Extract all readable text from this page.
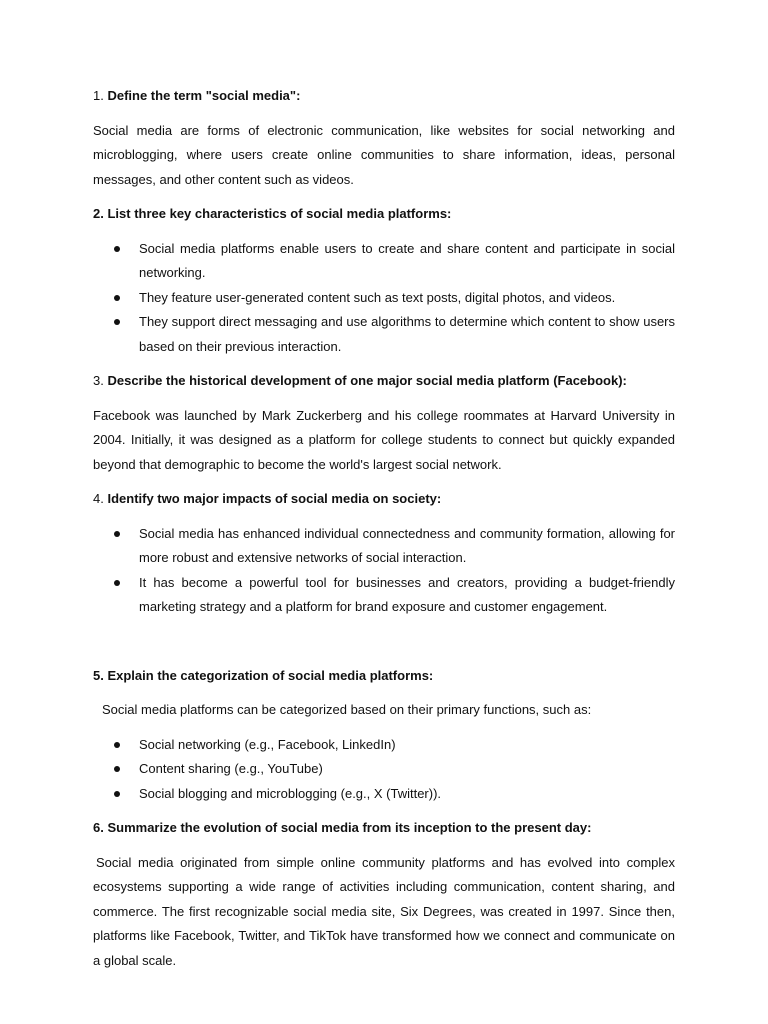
1. Define the term "social media":

Social media are forms of electronic communication, like websites for social networking and microblogging, where users create online communities to share information, ideas, personal messages, and other content such as videos.

2. List three key characteristics of social media platforms:

Social media platforms enable users to create and share content and participate in social networking.
They feature user-generated content such as text posts, digital photos, and videos.
They support direct messaging and use algorithms to determine which content to show users based on their previous interaction.

3. Describe the historical development of one major social media platform (Facebook):

Facebook was launched by Mark Zuckerberg and his college roommates at Harvard University in 2004. Initially, it was designed as a platform for college students to connect but quickly expanded beyond that demographic to become the world's largest social network.

4. Identify two major impacts of social media on society:

Social media has enhanced individual connectedness and community formation, allowing for more robust and extensive networks of social interaction.
It has become a powerful tool for businesses and creators, providing a budget-friendly marketing strategy and a platform for brand exposure and customer engagement.

5. Explain the categorization of social media platforms:

Social media platforms can be categorized based on their primary functions, such as:

Social networking (e.g., Facebook, LinkedIn)
Content sharing (e.g., YouTube)
Social blogging and microblogging (e.g., X (Twitter)).

6. Summarize the evolution of social media from its inception to the present day:

Social media originated from simple online community platforms and has evolved into complex ecosystems supporting a wide range of activities including communication, content sharing, and commerce. The first recognizable social media site, Six Degrees, was created in 1997. Since then, platforms like Facebook, Twitter, and TikTok have transformed how we connect and communicate on a global scale.
